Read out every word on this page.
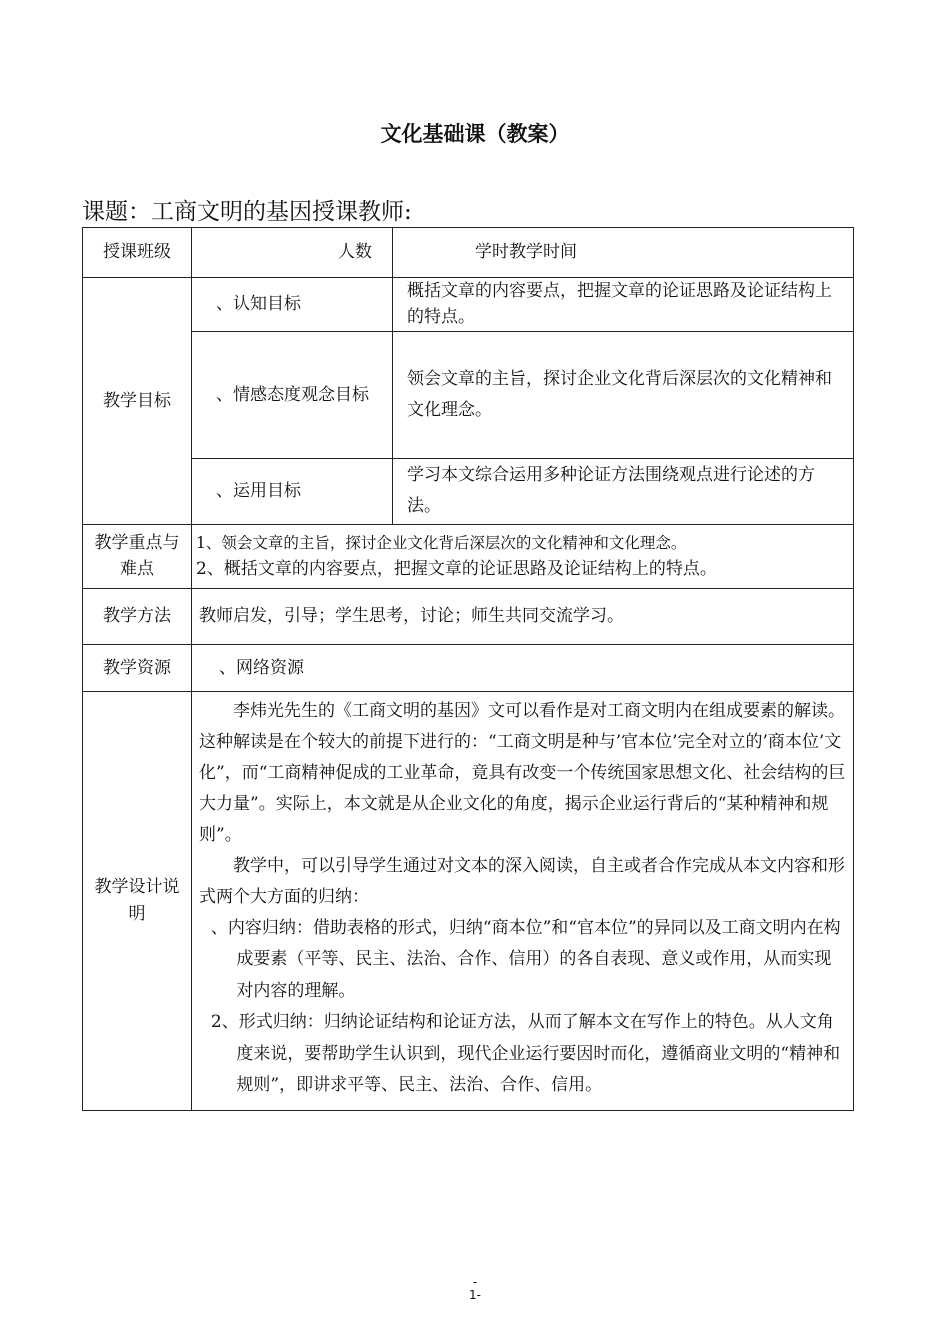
文化基础课（教案）
课题：工商文明的基因授课教师:
授课班级	人数	学时教学时间
教学目标	、认知目标	概括文章的内容要点，把握文章的论证思路及论证结构上的特点。
	、情感态度观念目标	领会文章的主旨，探讨企业文化背后深层次的文化精神和文化理念。
	、运用目标	学习本文综合运用多种论证方法围绕观点进行论述的方法。
教学重点与难点	1、领会文章的主旨，探讨企业文化背后深层次的文化精神和文化理念。
2、概括文章的内容要点，把握文章的论证思路及论证结构上的特点。	

教学方法	教师启发，引导；学生思考，讨论；师生共同交流学习。	
教学资源	、网络资源	
教学设计说明	李炜光先生的《工商文明的基因》文可以看作是对工商文明内在组成要素的解读。这种解读是在个较大的前提下进行的：“工商文明是种与’官本位’完全对立的’商本位’文化”，而“工商精神促成的工业革命，竟具有改变一个传统国家思想文化、社会结构的巨大力量”。实际上，本文就是从企业文化的角度，揭示企业运行背后的“某种精神和规则”。

教学中，可以引导学生通过对文本的深入阅读，自主或者合作完成从本文内容和形式两个大方面的归纳：

、内容归纳：借助表格的形式，归纳“商本位”和“官本位”的异同以及工商文明内在构成要素（平等、民主、法治、合作、信用）的各自表现、意义或作用，从而实现对内容的理解。

2、形式归纳：归纳论证结构和论证方法，从而了解本文在写作上的特色。从人文角度来说，要帮助学生认识到，现代企业运行要因时而化，遵循商业文明的“精神和规则”，即讲求平等、民主、法治、合作、信用。	

-
1-
